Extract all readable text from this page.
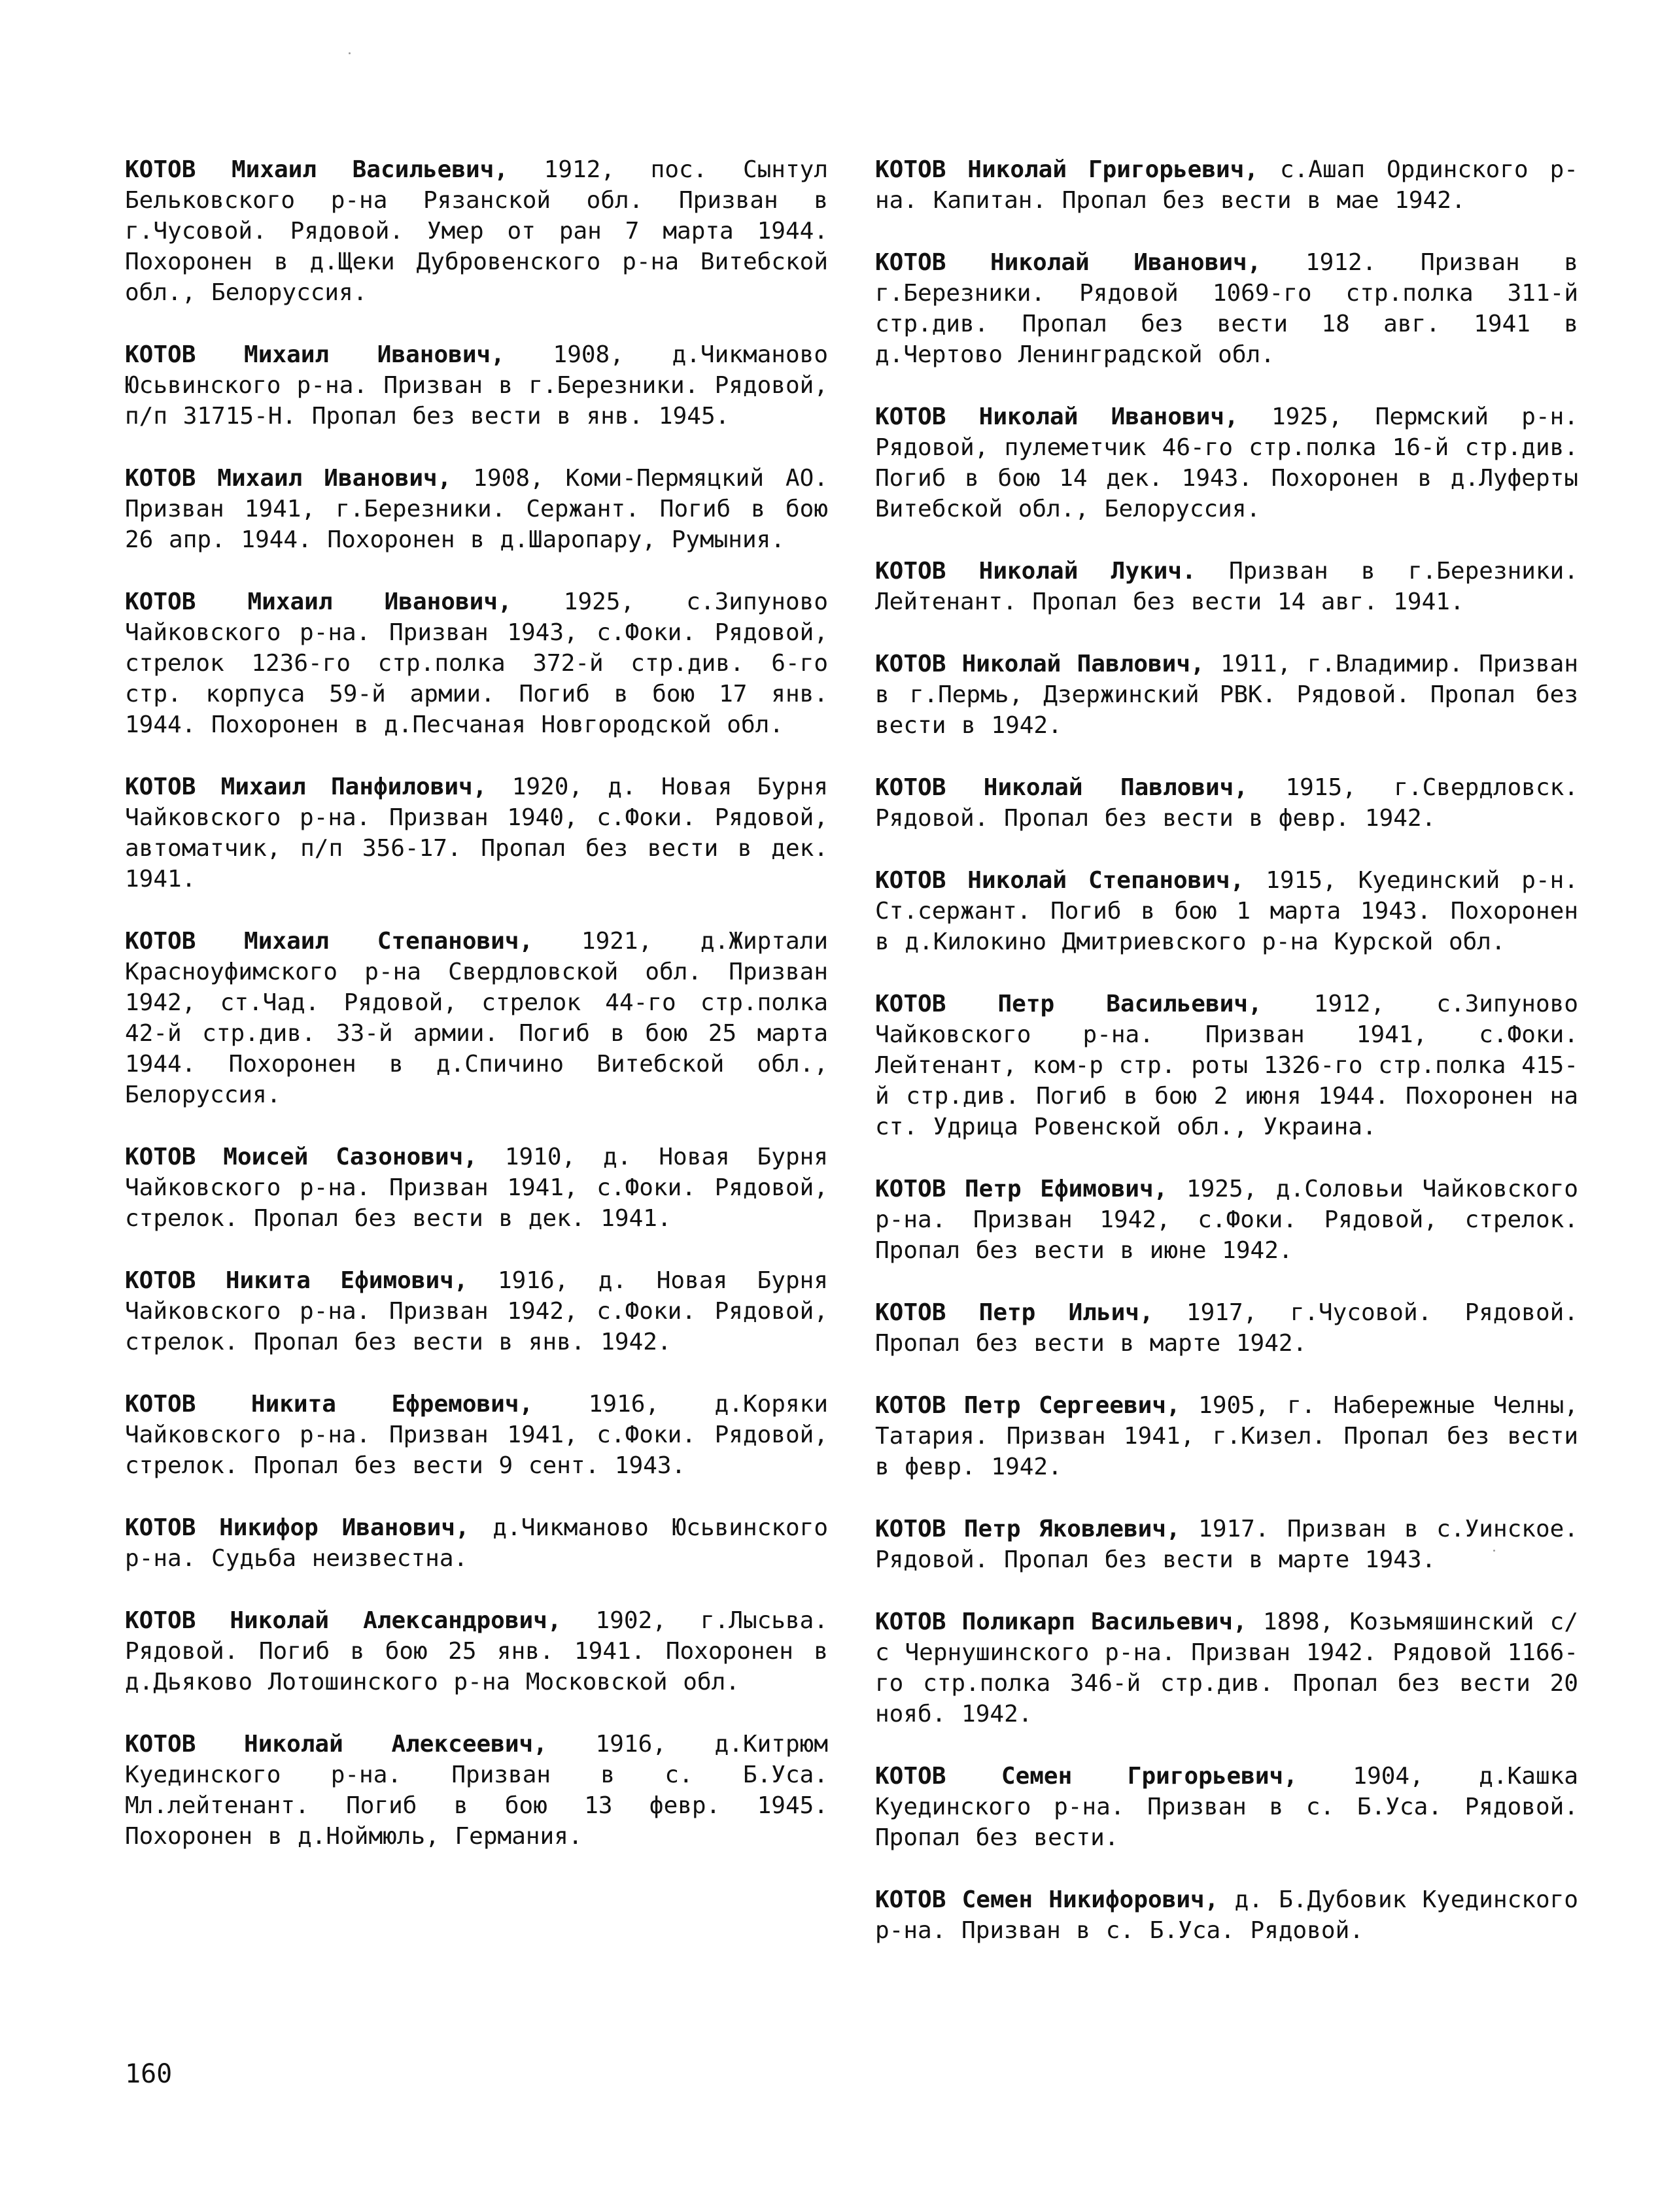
КОТОВ Михаил Васильевич, 1912, пос. Сынтул Бельковского р-на Рязанской обл. Призван в г.Чусовой. Рядовой. Умер от ран 7 марта 1944. Похоронен в д.Щеки Дубровенского р-на Витебской обл., Белоруссия.

КОТОВ Михаил Иванович, 1908, д.Чикманово Юсьвинского р-на. Призван в г.Березники. Рядовой, п/п 31715-Н. Пропал без вести в янв. 1945.

КОТОВ Михаил Иванович, 1908, Коми-Пермяцкий АО. Призван 1941, г.Березники. Сержант. Погиб в бою 26 апр. 1944. Похоронен в д.Шаропару, Румыния.

КОТОВ Михаил Иванович, 1925, с.Зипуново Чайковского р-на. Призван 1943, с.Фоки. Рядовой, стрелок 1236-го стр.полка 372-й стр.див. 6-го стр. корпуса 59-й армии. Погиб в бою 17 янв. 1944. Похоронен в д.Песчаная Новгородской обл.

КОТОВ Михаил Панфилович, 1920, д. Новая Бурня Чайковского р-на. Призван 1940, с.Фоки. Рядовой, автоматчик, п/п 356-17. Пропал без вести в дек. 1941.

КОТОВ Михаил Степанович, 1921, д.Жиртали Красноуфимского р-на Свердловской обл. Призван 1942, ст.Чад. Рядовой, стрелок 44-го стр.полка 42-й стр.див. 33-й армии. Погиб в бою 25 марта 1944. Похоронен в д.Спичино Витебской обл., Белоруссия.

КОТОВ Моисей Сазонович, 1910, д. Новая Бурня Чайковского р-на. Призван 1941, с.Фоки. Рядовой, стрелок. Пропал без вести в дек. 1941.

КОТОВ Никита Ефимович, 1916, д. Новая Бурня Чайковского р-на. Призван 1942, с.Фоки. Рядовой, стрелок. Пропал без вести в янв. 1942.

КОТОВ Никита Ефремович, 1916, д.Коряки Чайковского р-на. Призван 1941, с.Фоки. Рядовой, стрелок. Пропал без вести 9 сент. 1943.

КОТОВ Никифор Иванович, д.Чикманово Юсьвинского р-на. Судьба неизвестна.

КОТОВ Николай Александрович, 1902, г.Лысьва. Рядовой. Погиб в бою 25 янв. 1941. Похоронен в д.Дьяково Лотошинского р-на Московской обл.

КОТОВ Николай Алексеевич, 1916, д.Китрюм Куединского р-на. Призван в с. Б.Уса. Мл.лейтенант. Погиб в бою 13 февр. 1945. Похоронен в д.Ноймюль, Германия.

КОТОВ Николай Григорьевич, с.Ашап Ординского р-на. Капитан. Пропал без вести в мае 1942.

КОТОВ Николай Иванович, 1912. Призван в г.Березники. Рядовой 1069-го стр.полка 311-й стр.див. Пропал без вести 18 авг. 1941 в д.Чертово Ленинградской обл.

КОТОВ Николай Иванович, 1925, Пермский р-н. Рядовой, пулеметчик 46-го стр.полка 16-й стр.див. Погиб в бою 14 дек. 1943. Похоронен в д.Луферты Витебской обл., Белоруссия.

КОТОВ Николай Лукич. Призван в г.Березники. Лейтенант. Пропал без вести 14 авг. 1941.

КОТОВ Николай Павлович, 1911, г.Владимир. Призван в г.Пермь, Дзержинский РВК. Рядовой. Пропал без вести в 1942.

КОТОВ Николай Павлович, 1915, г.Свердловск. Рядовой. Пропал без вести в февр. 1942.

КОТОВ Николай Степанович, 1915, Куединский р-н. Ст.сержант. Погиб в бою 1 марта 1943. Похоронен в д.Килокино Дмитриевского р-на Курской обл.

КОТОВ Петр Васильевич, 1912, с.Зипуново Чайковского р-на. Призван 1941, с.Фоки. Лейтенант, ком-р стр. роты 1326-го стр.полка 415-й стр.див. Погиб в бою 2 июня 1944. Похоронен на ст. Удрица Ровенской обл., Украина.

КОТОВ Петр Ефимович, 1925, д.Соловьи Чайковского р-на. Призван 1942, с.Фоки. Рядовой, стрелок. Пропал без вести в июне 1942.

КОТОВ Петр Ильич, 1917, г.Чусовой. Рядовой. Пропал без вести в марте 1942.

КОТОВ Петр Сергеевич, 1905, г. Набережные Челны, Татария. Призван 1941, г.Кизел. Пропал без вести в февр. 1942.

КОТОВ Петр Яковлевич, 1917. Призван в с.Уинское. Рядовой. Пропал без вести в марте 1943.

КОТОВ Поликарп Васильевич, 1898, Козьмяшинский с/с Чернушинского р-на. Призван 1942. Рядовой 1166-го стр.полка 346-й стр.див. Пропал без вести 20 нояб. 1942.

КОТОВ Семен Григорьевич, 1904, д.Кашка Куединского р-на. Призван в с. Б.Уса. Рядовой. Пропал без вести.

КОТОВ Семен Никифорович, д. Б.Дубовик Куединского р-на. Призван в с. Б.Уса. Рядовой.

160
